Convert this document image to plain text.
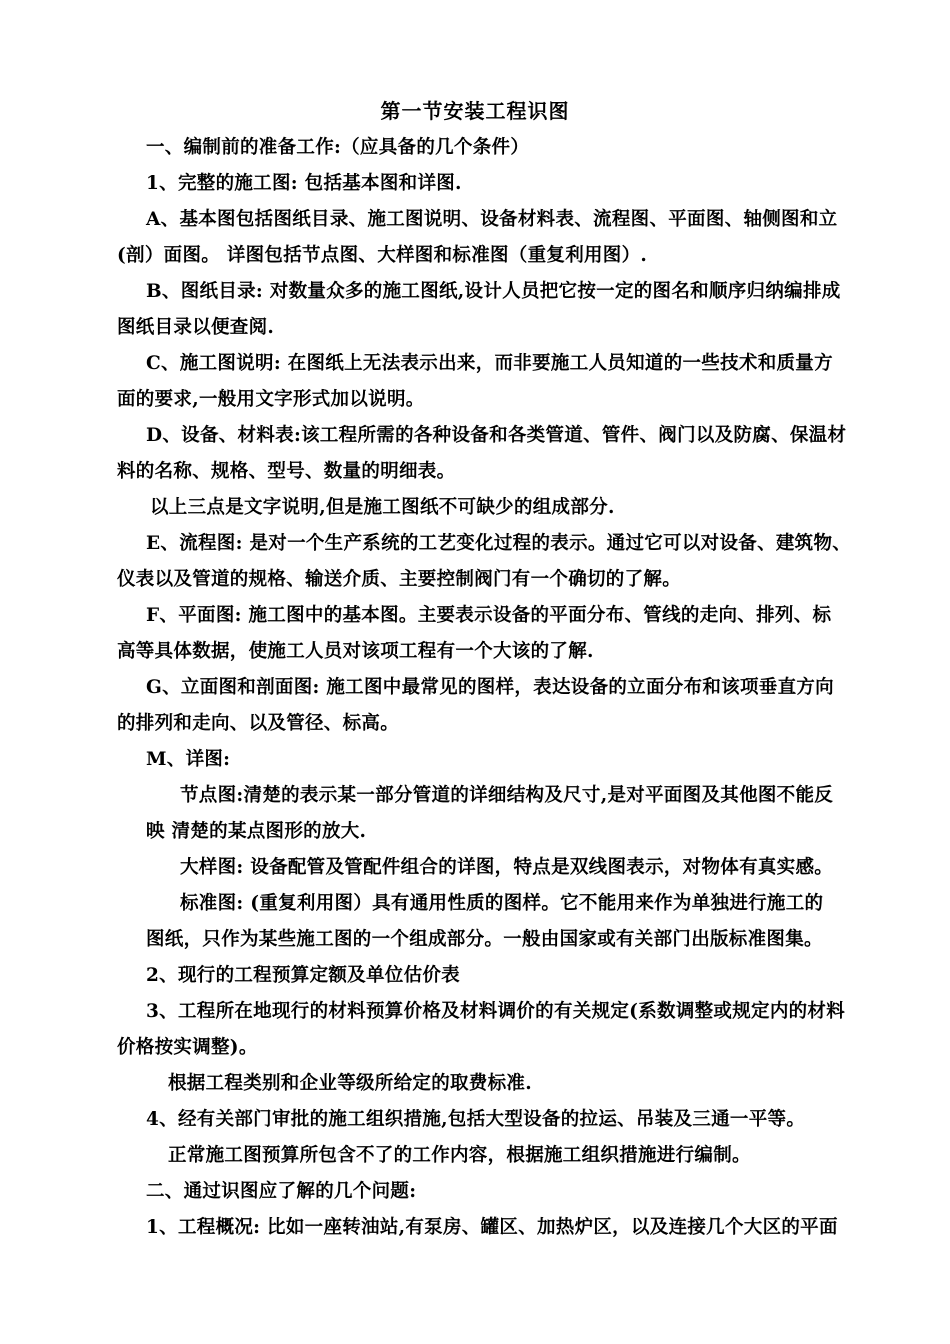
第一节安装工程识图
一、编制前的准备工作:（应具备的几个条件）
1、完整的施工图: 包括基本图和详图.
A、基本图包括图纸目录、施工图说明、设备材料表、流程图、平面图、轴侧图和立
(剖）面图。 详图包括节点图、大样图和标准图（重复利用图）.
B、图纸目录: 对数量众多的施工图纸,设计人员把它按一定的图名和顺序归纳编排成
图纸目录以便查阅.
C、施工图说明: 在图纸上无法表示出来，而非要施工人员知道的一些技术和质量方
面的要求,一般用文字形式加以说明。
D、设备、材料表:该工程所需的各种设备和各类管道、管件、阀门以及防腐、保温材
料的名称、规格、型号、数量的明细表。
以上三点是文字说明,但是施工图纸不可缺少的组成部分.
E、流程图: 是对一个生产系统的工艺变化过程的表示。通过它可以对设备、建筑物、
仪表以及管道的规格、输送介质、主要控制阀门有一个确切的了解。
F、平面图: 施工图中的基本图。主要表示设备的平面分布、管线的走向、排列、标
高等具体数据，使施工人员对该项工程有一个大该的了解.
G、立面图和剖面图: 施工图中最常见的图样，表达设备的立面分布和该项垂直方向
的排列和走向、以及管径、标高。
M、详图:
节点图:清楚的表示某一部分管道的详细结构及尺寸,是对平面图及其他图不能反
映 清楚的某点图形的放大.
大样图: 设备配管及管配件组合的详图，特点是双线图表示，对物体有真实感。
标准图: (重复利用图）具有通用性质的图样。它不能用来作为单独进行施工的
图纸，只作为某些施工图的一个组成部分。一般由国家或有关部门出版标准图集。
2、现行的工程预算定额及单位估价表
3、工程所在地现行的材料预算价格及材料调价的有关规定(系数调整或规定内的材料
价格按实调整)。
根据工程类别和企业等级所给定的取费标准.
4、经有关部门审批的施工组织措施,包括大型设备的拉运、吊装及三通一平等。
正常施工图预算所包含不了的工作内容，根据施工组织措施进行编制。
二、通过识图应了解的几个问题:
1、工程概况: 比如一座转油站,有泵房、罐区、加热炉区，以及连接几个大区的平面
